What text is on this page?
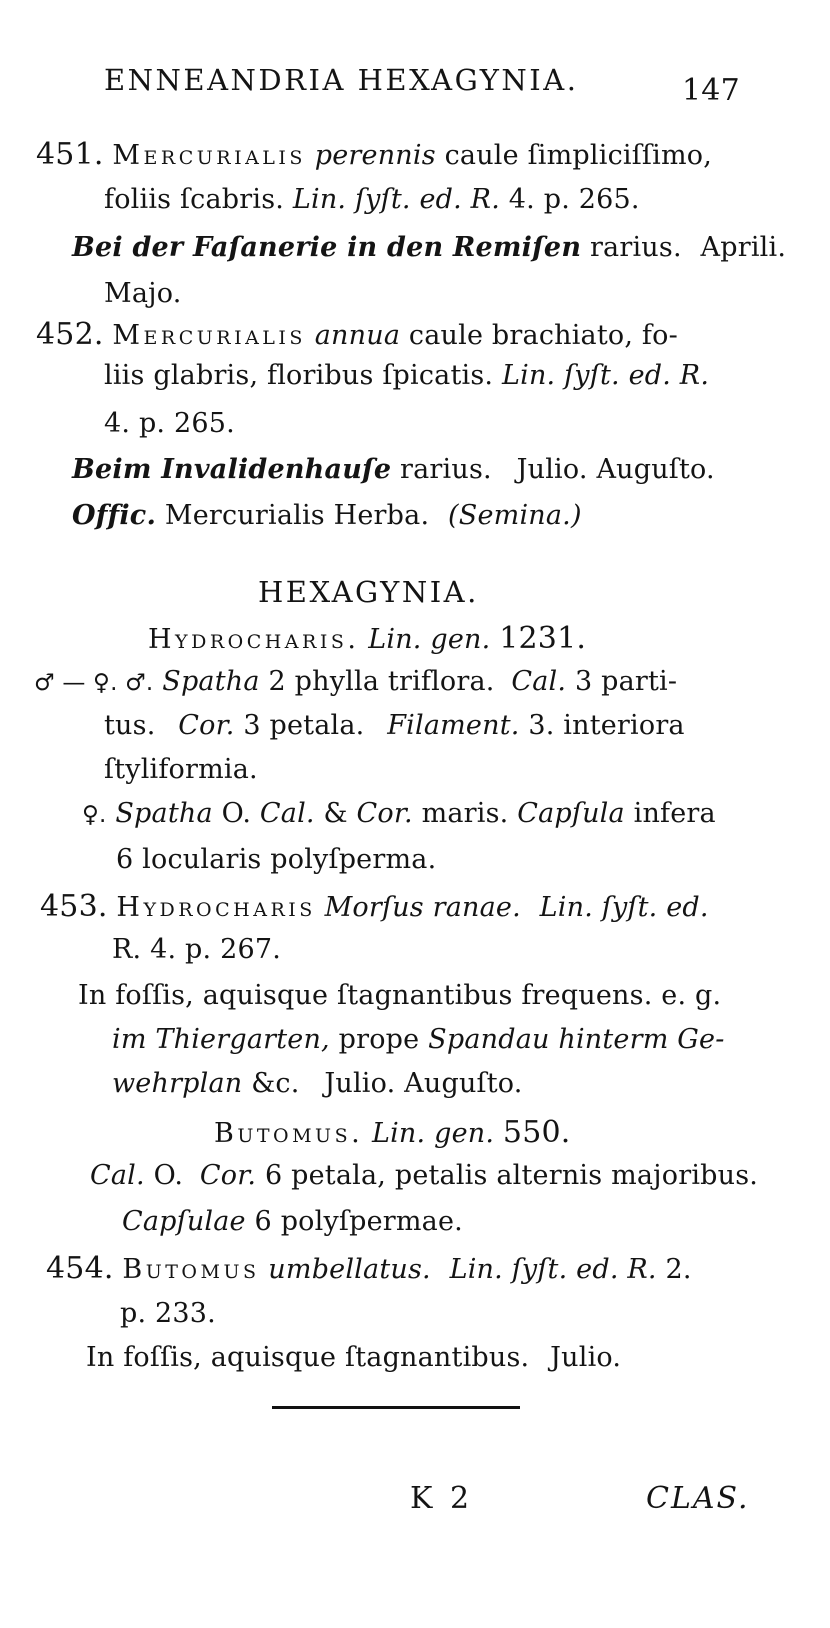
ENNEANDRIA HEXAGYNIA.	147
451. Mercurialis perennis caule ſimpliciſſimo,
foliis ſcabris. Lin. ſyſt. ed. R. 4. p. 265.
Bei der Faſanerie in den Remiſen rarius. Aprili.
Majo.
452. Mercurialis annua caule brachiato, fo-
liis glabris, floribus ſpicatis. Lin. ſyſt. ed. R.
4. p. 265.
Beim Invalidenhauſe rarius. Julio. Auguſto.
Offic. Mercurialis Herba. (Semina.)
HEXAGYNIA.
Hydrocharis. Lin. gen. 1231.
♂ — ♀. ♂. Spatha 2 phylla triflora. Cal. 3 parti-
tus. Cor. 3 petala. Filament. 3. interiora
ſtyliformia.
♀. Spatha O. Cal. & Cor. maris. Capſula infera
6 locularis polyſperma.
453. Hydrocharis Morſus ranae. Lin. ſyſt. ed.
R. 4. p. 267.
In foſſis, aquisque ſtagnantibus frequens. e. g.
im Thiergarten, prope Spandau hinterm Ge-
wehrplan &c. Julio. Auguſto.
Butomus. Lin. gen. 550.
Cal. O. Cor. 6 petala, petalis alternis majoribus.
Capſulae 6 polyſpermae.
454. Butomus umbellatus. Lin. ſyſt. ed. R. 2.
p. 233.
In foſſis, aquisque ſtagnantibus. Julio.
K 2	CLAS.
